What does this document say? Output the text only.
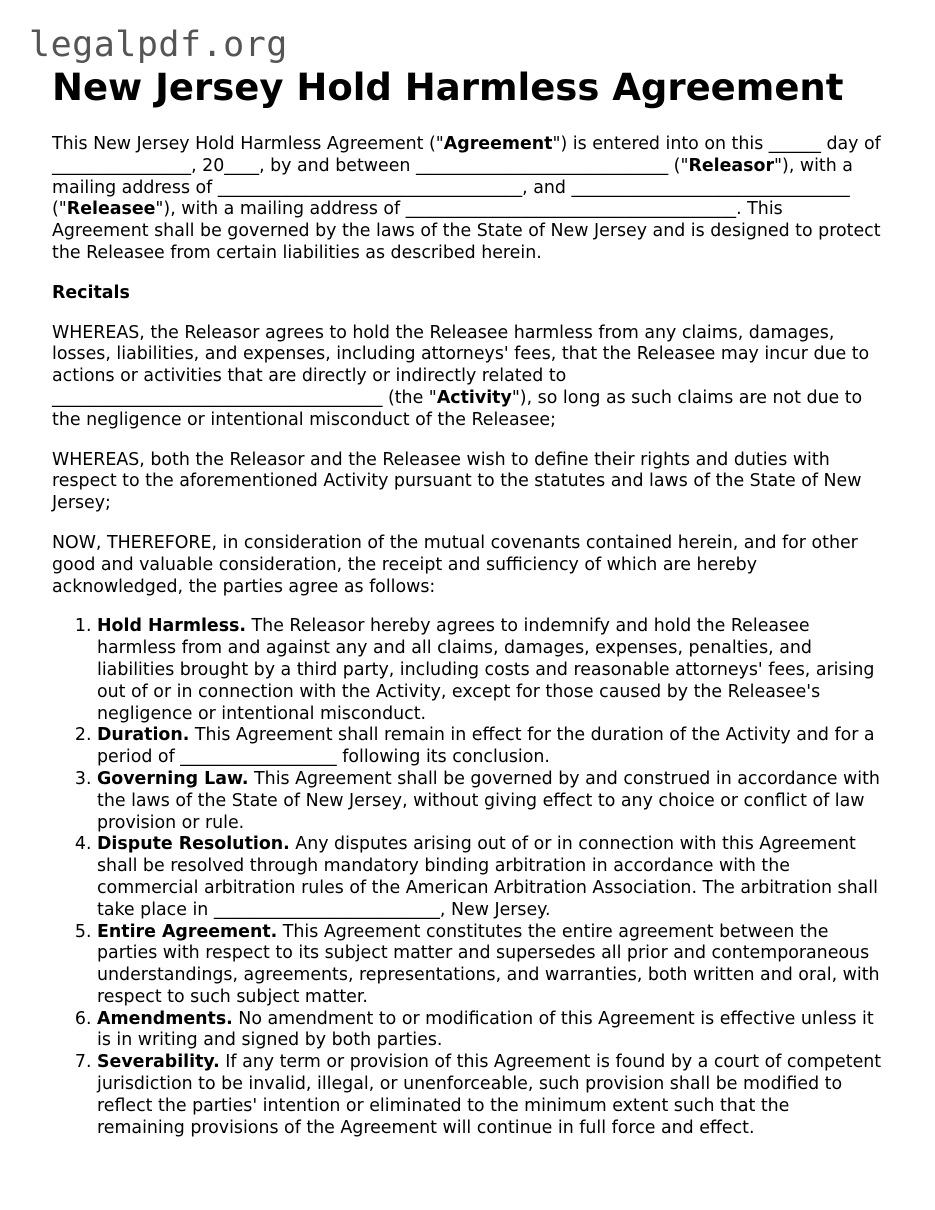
legalpdf.org
New Jersey Hold Harmless Agreement

This New Jersey Hold Harmless Agreement ("Agreement") is entered into on this ______ day of ________________, 20____, by and between _____________________________ ("Releasor"), with a mailing address of ___________________________________, and ________________________________ ("Releasee"), with a mailing address of ______________________________________. This Agreement shall be governed by the laws of the State of New Jersey and is designed to protect the Releasee from certain liabilities as described herein.

Recitals

WHEREAS, the Releasor agrees to hold the Releasee harmless from any claims, damages, losses, liabilities, and expenses, including attorneys' fees, that the Releasee may incur due to actions or activities that are directly or indirectly related to ______________________________________ (the "Activity"), so long as such claims are not due to the negligence or intentional misconduct of the Releasee;

WHEREAS, both the Releasor and the Releasee wish to define their rights and duties with respect to the aforementioned Activity pursuant to the statutes and laws of the State of New Jersey;

NOW, THEREFORE, in consideration of the mutual covenants contained herein, and for other good and valuable consideration, the receipt and sufficiency of which are hereby acknowledged, the parties agree as follows:

1. Hold Harmless. The Releasor hereby agrees to indemnify and hold the Releasee harmless from and against any and all claims, damages, expenses, penalties, and liabilities brought by a third party, including costs and reasonable attorneys' fees, arising out of or in connection with the Activity, except for those caused by the Releasee's negligence or intentional misconduct.
2. Duration. This Agreement shall remain in effect for the duration of the Activity and for a period of __________________ following its conclusion.
3. Governing Law. This Agreement shall be governed by and construed in accordance with the laws of the State of New Jersey, without giving effect to any choice or conflict of law provision or rule.
4. Dispute Resolution. Any disputes arising out of or in connection with this Agreement shall be resolved through mandatory binding arbitration in accordance with the commercial arbitration rules of the American Arbitration Association. The arbitration shall take place in __________________________, New Jersey.
5. Entire Agreement. This Agreement constitutes the entire agreement between the parties with respect to its subject matter and supersedes all prior and contemporaneous understandings, agreements, representations, and warranties, both written and oral, with respect to such subject matter.
6. Amendments. No amendment to or modification of this Agreement is effective unless it is in writing and signed by both parties.
7. Severability. If any term or provision of this Agreement is found by a court of competent jurisdiction to be invalid, illegal, or unenforceable, such provision shall be modified to reflect the parties' intention or eliminated to the minimum extent such that the remaining provisions of the Agreement will continue in full force and effect.
